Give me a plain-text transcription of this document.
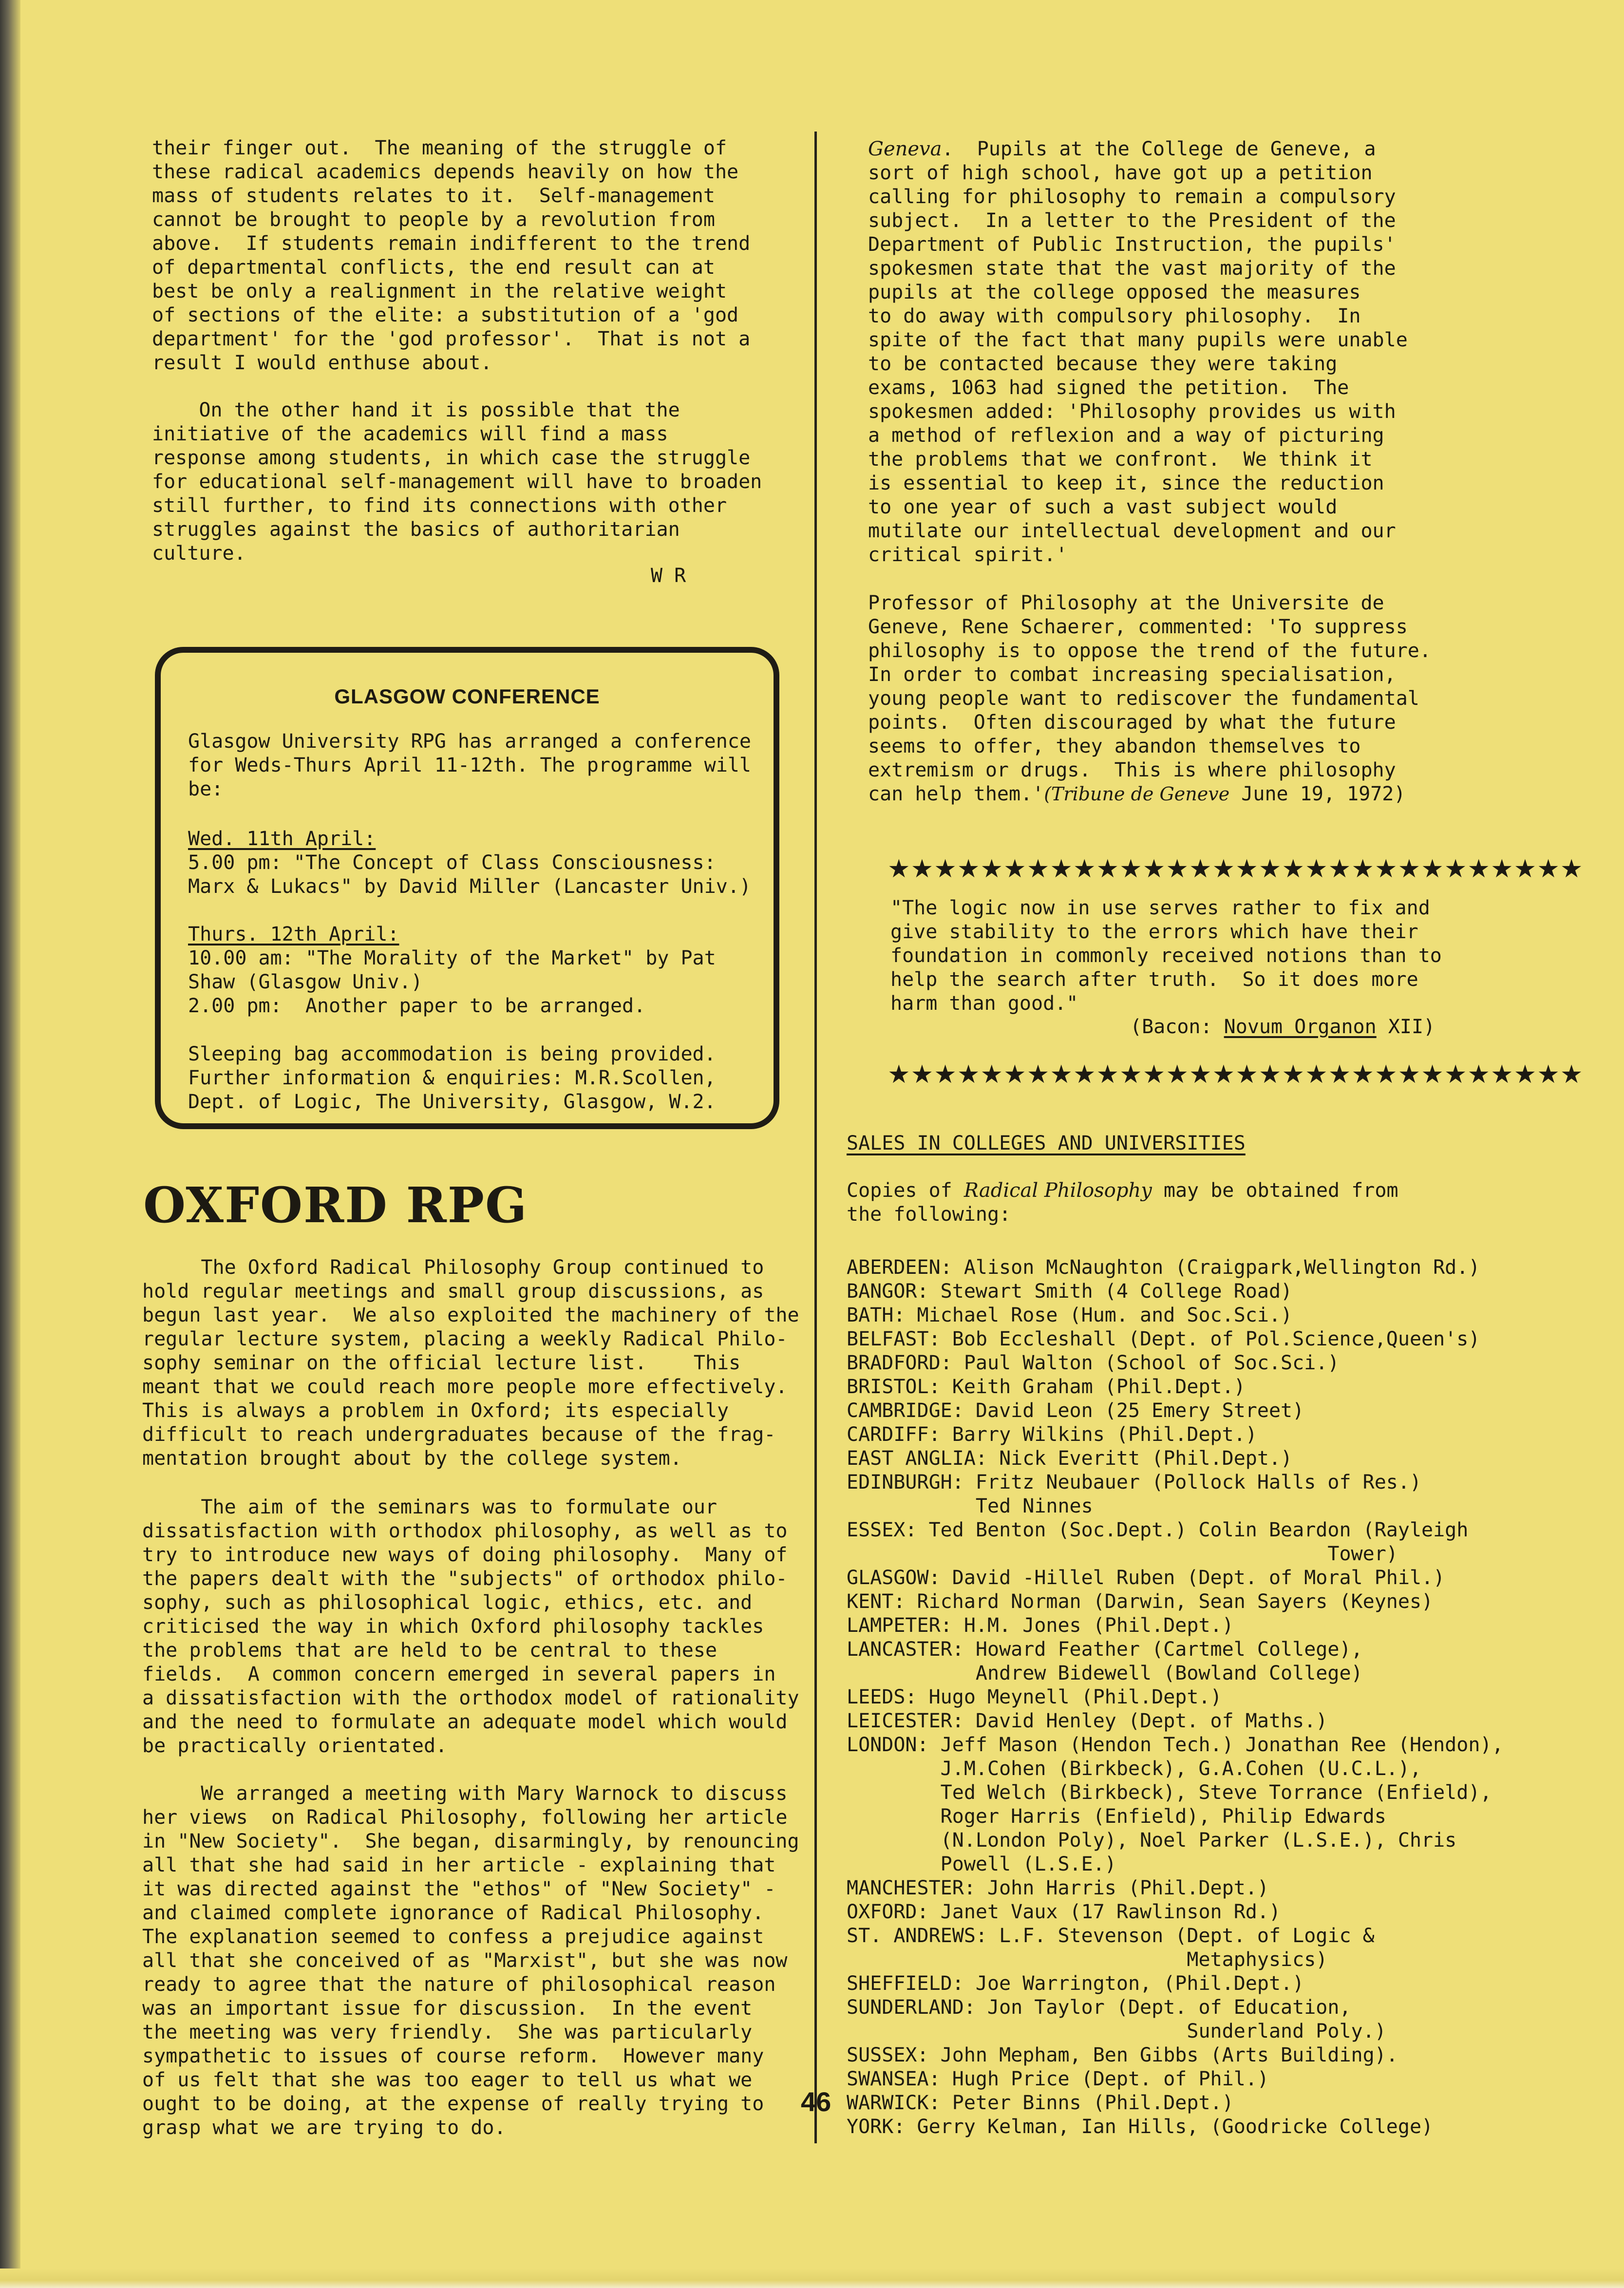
their finger out.  The meaning of the struggle of
these radical academics depends heavily on how the
mass of students relates to it.  Self-management
cannot be brought to people by a revolution from
above.  If students remain indifferent to the trend
of departmental conflicts, the end result can at
best be only a realignment in the relative weight
of sections of the elite: a substitution of a 'god
department' for the 'god professor'.  That is not a
result I would enthuse about.

On the other hand it is possible that the
initiative of the academics will find a mass
response among students, in which case the struggle
for educational self-management will have to broaden
still further, to find its connections with other
struggles against the basics of authoritarian
culture.

W R

GLASGOW CONFERENCE

Glasgow University RPG has arranged a conference
for Weds-Thurs April 11-12th. The programme will
be:

Wed. 11th April:

5.00 pm: "The Concept of Class Consciousness:
Marx & Lukacs" by David Miller (Lancaster Univ.)

Thurs. 12th April:

10.00 am: "The Morality of the Market" by Pat
Shaw (Glasgow Univ.)
2.00 pm:  Another paper to be arranged.

Sleeping bag accommodation is being provided.
Further information & enquiries: M.R.Scollen,
Dept. of Logic, The University, Glasgow, W.2.

OXFORD RPG

The Oxford Radical Philosophy Group continued to
hold regular meetings and small group discussions, as
begun last year.  We also exploited the machinery of the
regular lecture system, placing a weekly Radical Philo-
sophy seminar on the official lecture list.    This
meant that we could reach more people more effectively.
This is always a problem in Oxford; its especially
difficult to reach undergraduates because of the frag-
mentation brought about by the college system.

The aim of the seminars was to formulate our
dissatisfaction with orthodox philosophy, as well as to
try to introduce new ways of doing philosophy.  Many of
the papers dealt with the "subjects" of orthodox philo-
sophy, such as philosophical logic, ethics, etc. and
criticised the way in which Oxford philosophy tackles
the problems that are held to be central to these
fields.  A common concern emerged in several papers in
a dissatisfaction with the orthodox model of rationality
and the need to formulate an adequate model which would
be practically orientated.

We arranged a meeting with Mary Warnock to discuss
her views  on Radical Philosophy, following her article
in "New Society".  She began, disarmingly, by renouncing
all that she had said in her article - explaining that
it was directed against the "ethos" of "New Society" -
and claimed complete ignorance of Radical Philosophy.
The explanation seemed to confess a prejudice against
all that she conceived of as "Marxist", but she was now
ready to agree that the nature of philosophical reason
was an important issue for discussion.  In the event
the meeting was very friendly.  She was particularly
sympathetic to issues of course reform.  However many
of us felt that she was too eager to tell us what we
ought to be doing, at the expense of really trying to
grasp what we are trying to do.

46

Geneva.  Pupils at the College de Geneve, a

sort of high school, have got up a petition
calling for philosophy to remain a compulsory
subject.  In a letter to the President of the
Department of Public Instruction, the pupils'
spokesmen state that the vast majority of the
pupils at the college opposed the measures
to do away with compulsory philosophy.  In
spite of the fact that many pupils were unable
to be contacted because they were taking
exams, 1063 had signed the petition.  The
spokesmen added: 'Philosophy provides us with
a method of reflexion and a way of picturing
the problems that we confront.  We think it
is essential to keep it, since the reduction
to one year of such a vast subject would
mutilate our intellectual development and our
critical spirit.'

Professor of Philosophy at the Universite de
Geneve, Rene Schaerer, commented: 'To suppress
philosophy is to oppose the trend of the future.
In order to combat increasing specialisation,
young people want to rediscover the fundamental
points.  Often discouraged by what the future
seems to offer, they abandon themselves to
extremism or drugs.  This is where philosophy
can help them.'

(Tribune de Geneve June 19, 1972)
★★★★★★★★★★★★★★★★★★★★★★★★★★★★★★

"The logic now in use serves rather to fix and
give stability to the errors which have their
foundation in commonly received notions than to
help the search after truth.  So it does more
harm than good."

(Bacon: Novum Organon XII)

★★★★★★★★★★★★★★★★★★★★★★★★★★★★★★
SALES IN COLLEGES AND UNIVERSITIES

Copies of Radical Philosophy may be obtained from
the following:

ABERDEEN: Alison McNaughton (Craigpark,Wellington Rd.)
BANGOR: Stewart Smith (4 College Road)
BATH: Michael Rose (Hum. and Soc.Sci.)
BELFAST: Bob Eccleshall (Dept. of Pol.Science,Queen's)
BRADFORD: Paul Walton (School of Soc.Sci.)
BRISTOL: Keith Graham (Phil.Dept.)
CAMBRIDGE: David Leon (25 Emery Street)
CARDIFF: Barry Wilkins (Phil.Dept.)
EAST ANGLIA: Nick Everitt (Phil.Dept.)
EDINBURGH: Fritz Neubauer (Pollock Halls of Res.)
Ted Ninnes
ESSEX: Ted Benton (Soc.Dept.) Colin Beardon (Rayleigh
Tower)
GLASGOW: David -Hillel Ruben (Dept. of Moral Phil.)
KENT: Richard Norman (Darwin, Sean Sayers (Keynes)
LAMPETER: H.M. Jones (Phil.Dept.)
LANCASTER: Howard Feather (Cartmel College),
Andrew Bidewell (Bowland College)
LEEDS: Hugo Meynell (Phil.Dept.)
LEICESTER: David Henley (Dept. of Maths.)
LONDON: Jeff Mason (Hendon Tech.) Jonathan Ree (Hendon),
J.M.Cohen (Birkbeck), G.A.Cohen (U.C.L.),
Ted Welch (Birkbeck), Steve Torrance (Enfield),
Roger Harris (Enfield), Philip Edwards
(N.London Poly), Noel Parker (L.S.E.), Chris
Powell (L.S.E.)
MANCHESTER: John Harris (Phil.Dept.)
OXFORD: Janet Vaux (17 Rawlinson Rd.)
ST. ANDREWS: L.F. Stevenson (Dept. of Logic &
Metaphysics)
SHEFFIELD: Joe Warrington, (Phil.Dept.)
SUNDERLAND: Jon Taylor (Dept. of Education,
Sunderland Poly.)
SUSSEX: John Mepham, Ben Gibbs (Arts Building).
SWANSEA: Hugh Price (Dept. of Phil.)
WARWICK: Peter Binns (Phil.Dept.)
YORK: Gerry Kelman, Ian Hills, (Goodricke College)
